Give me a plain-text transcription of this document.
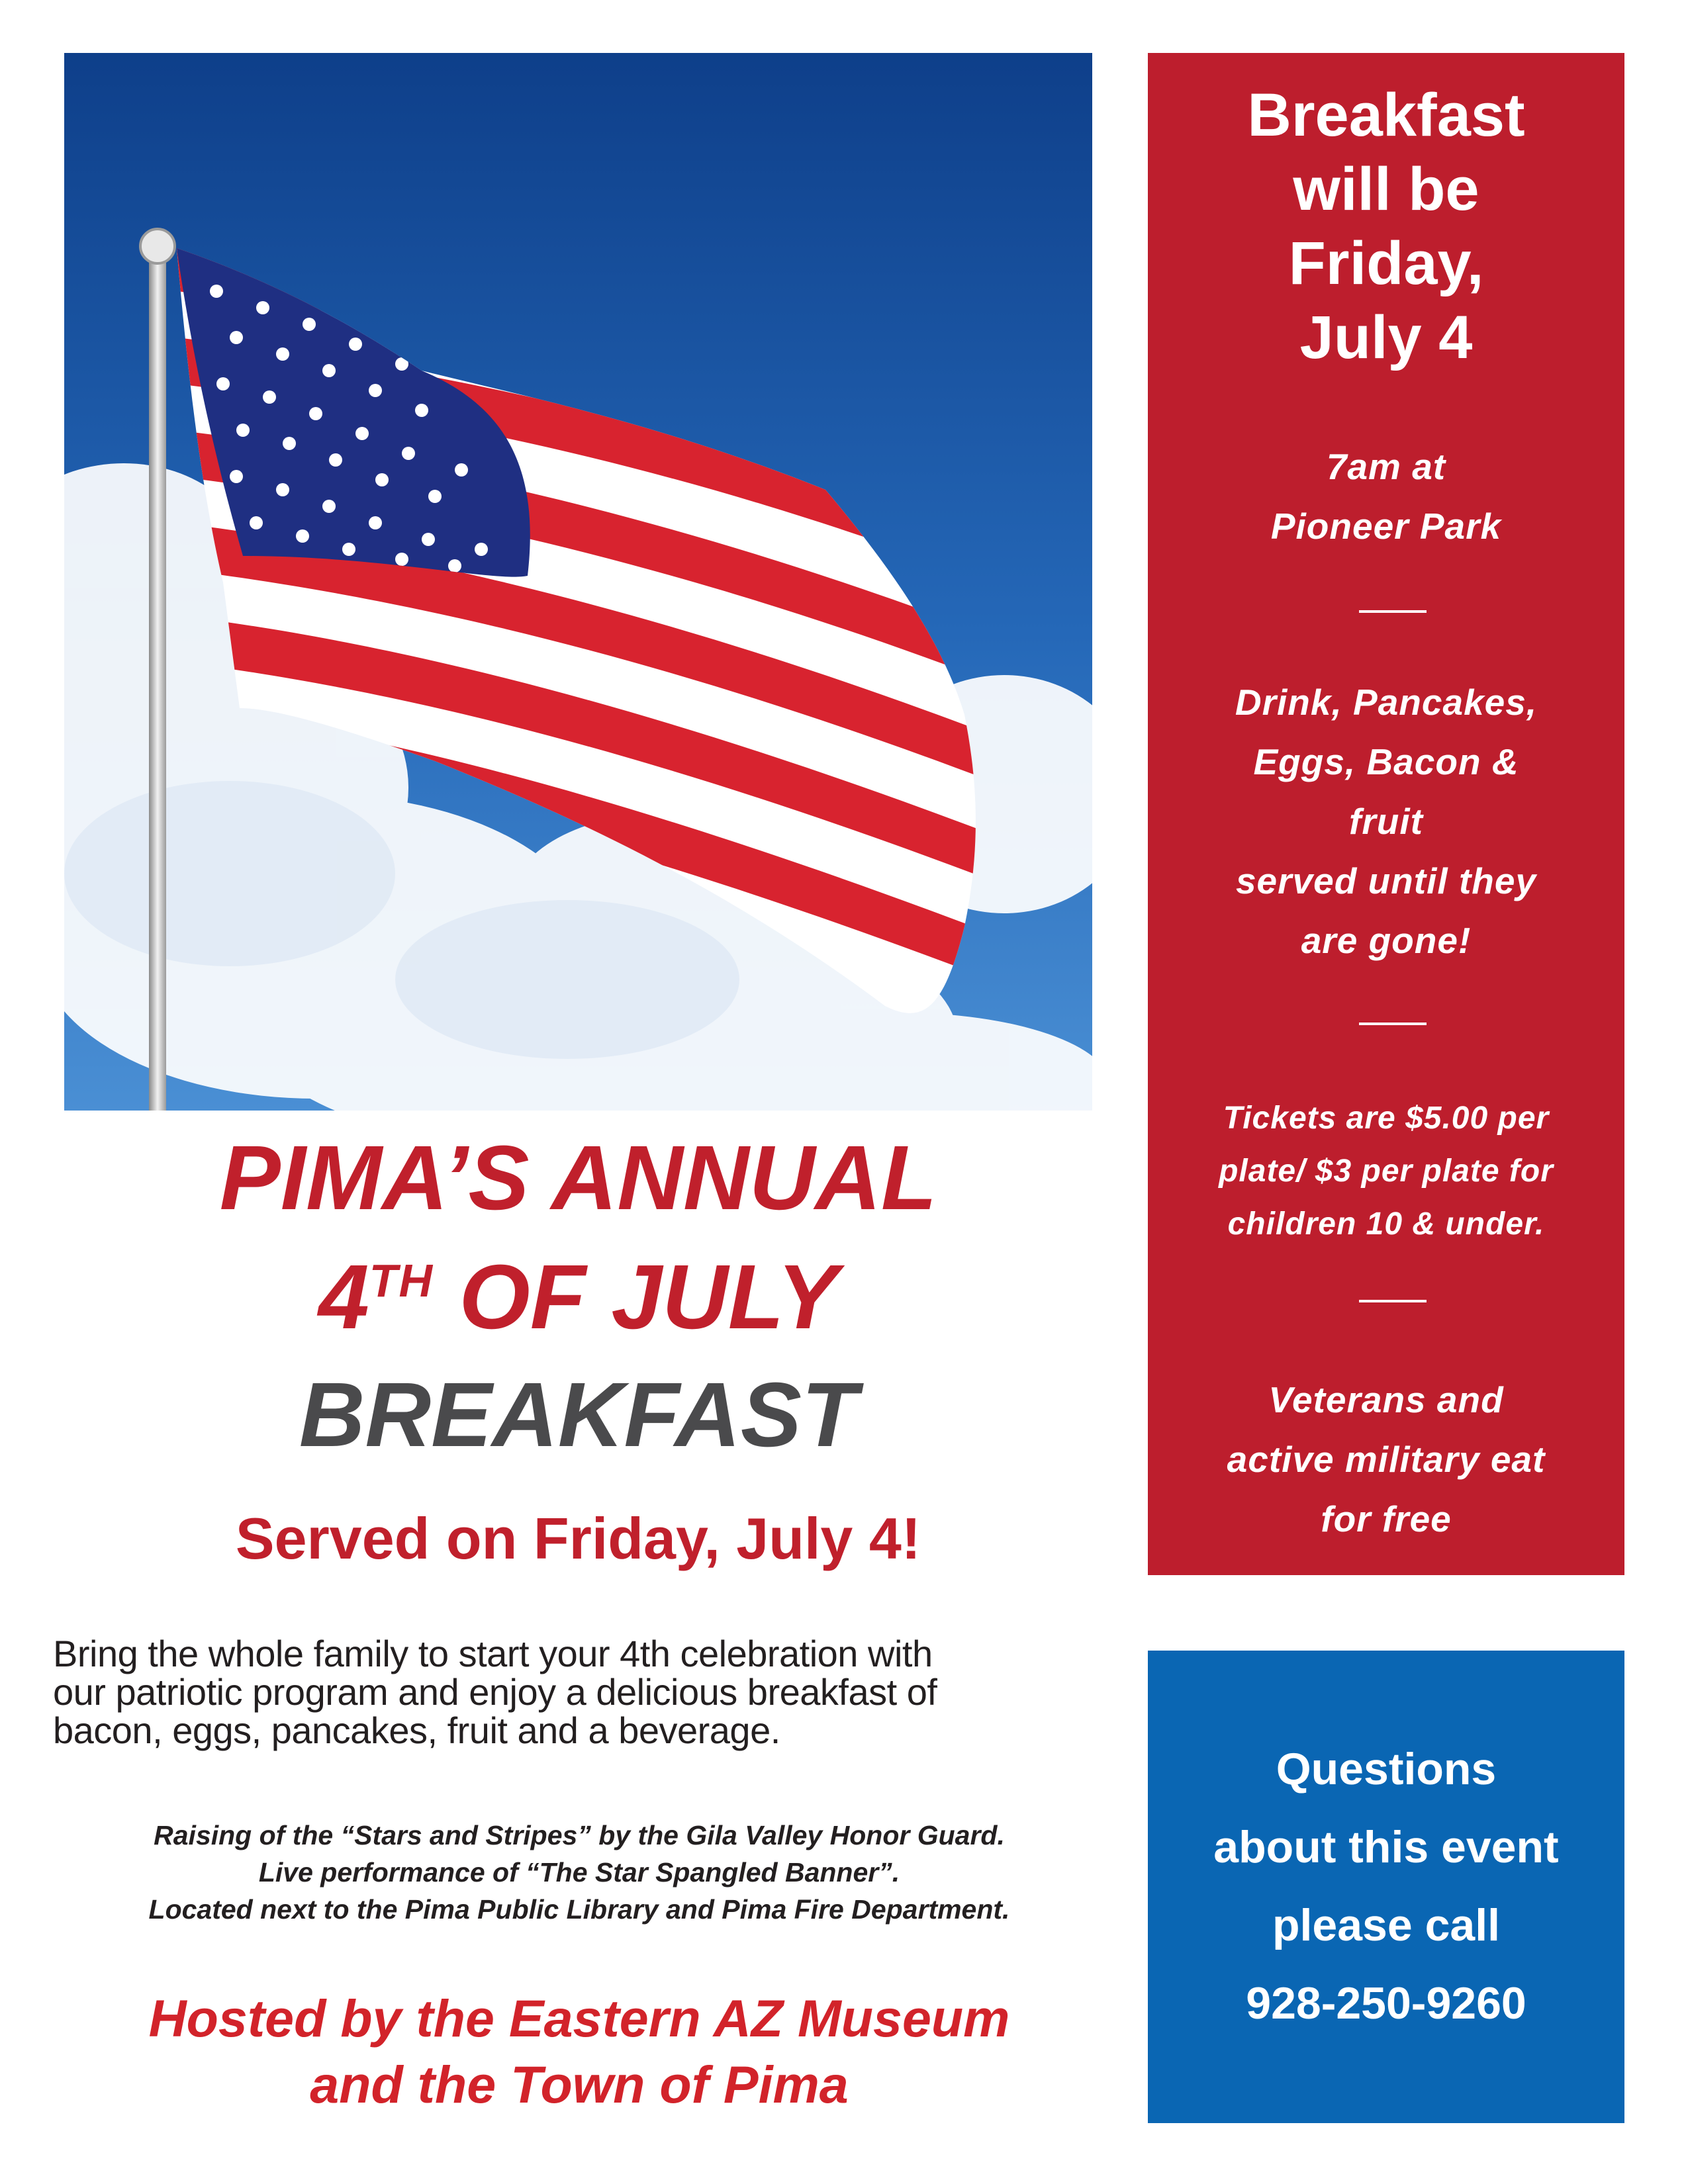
Breakfast
will be
Friday,
July 4
7am at
Pioneer Park
Drink, Pancakes,
Eggs, Bacon &
fruit
served until they
are gone!
Tickets are $5.00 per
plate/ $3 per plate for
children 10 & under.
Veterans and
active military eat
for free
Questions
about this event
please call
928-250-9260
PIMA’S ANNUAL
4TH OF JULY
BREAKFAST
Served on Friday, July 4!
Bring the whole family to start your 4th celebration with
our patriotic program and enjoy a delicious breakfast of
bacon, eggs, pancakes, fruit and a beverage.
Raising of the “Stars and Stripes” by the Gila Valley Honor Guard.
Live performance of “The Star Spangled Banner”.
Located next to the Pima Public Library and Pima Fire Department.
Hosted by the Eastern AZ Museum
and the Town of Pima
